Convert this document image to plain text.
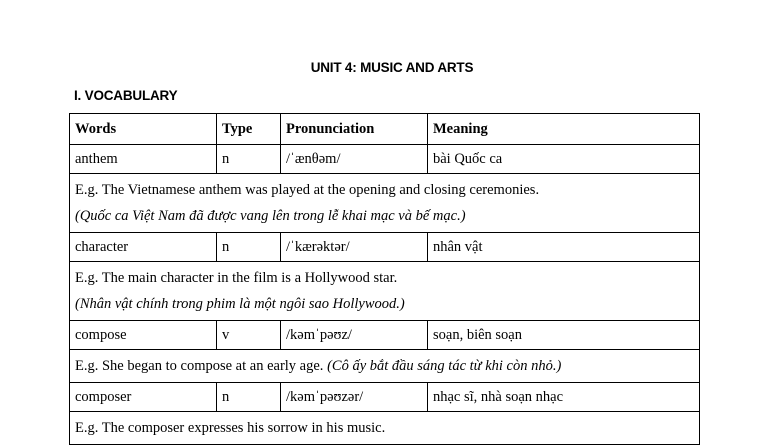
UNIT 4: MUSIC AND ARTS
I. VOCABULARY
Words	Type	Pronunciation	Meaning
anthem	n	/ˈænθəm/	bài Quốc ca

E.g. The Vietnamese anthem was played at the opening and closing ceremonies.
(Quốc ca Việt Nam đã được vang lên trong lễ khai mạc và bế mạc.)			

character	n	/ˈkærəktər/	nhân vật

E.g. The main character in the film is a Hollywood star.
(Nhân vật chính trong phim là một ngôi sao Hollywood.)			

compose	v	/kəmˈpəʊz/	soạn, biên soạn
E.g. She began to compose at an early age. (Cô ấy bắt đầu sáng tác từ khi còn nhỏ.)			
composer	n	/kəmˈpəʊzər/	nhạc sĩ, nhà soạn nhạc

E.g. The composer expresses his sorrow in his music.			
